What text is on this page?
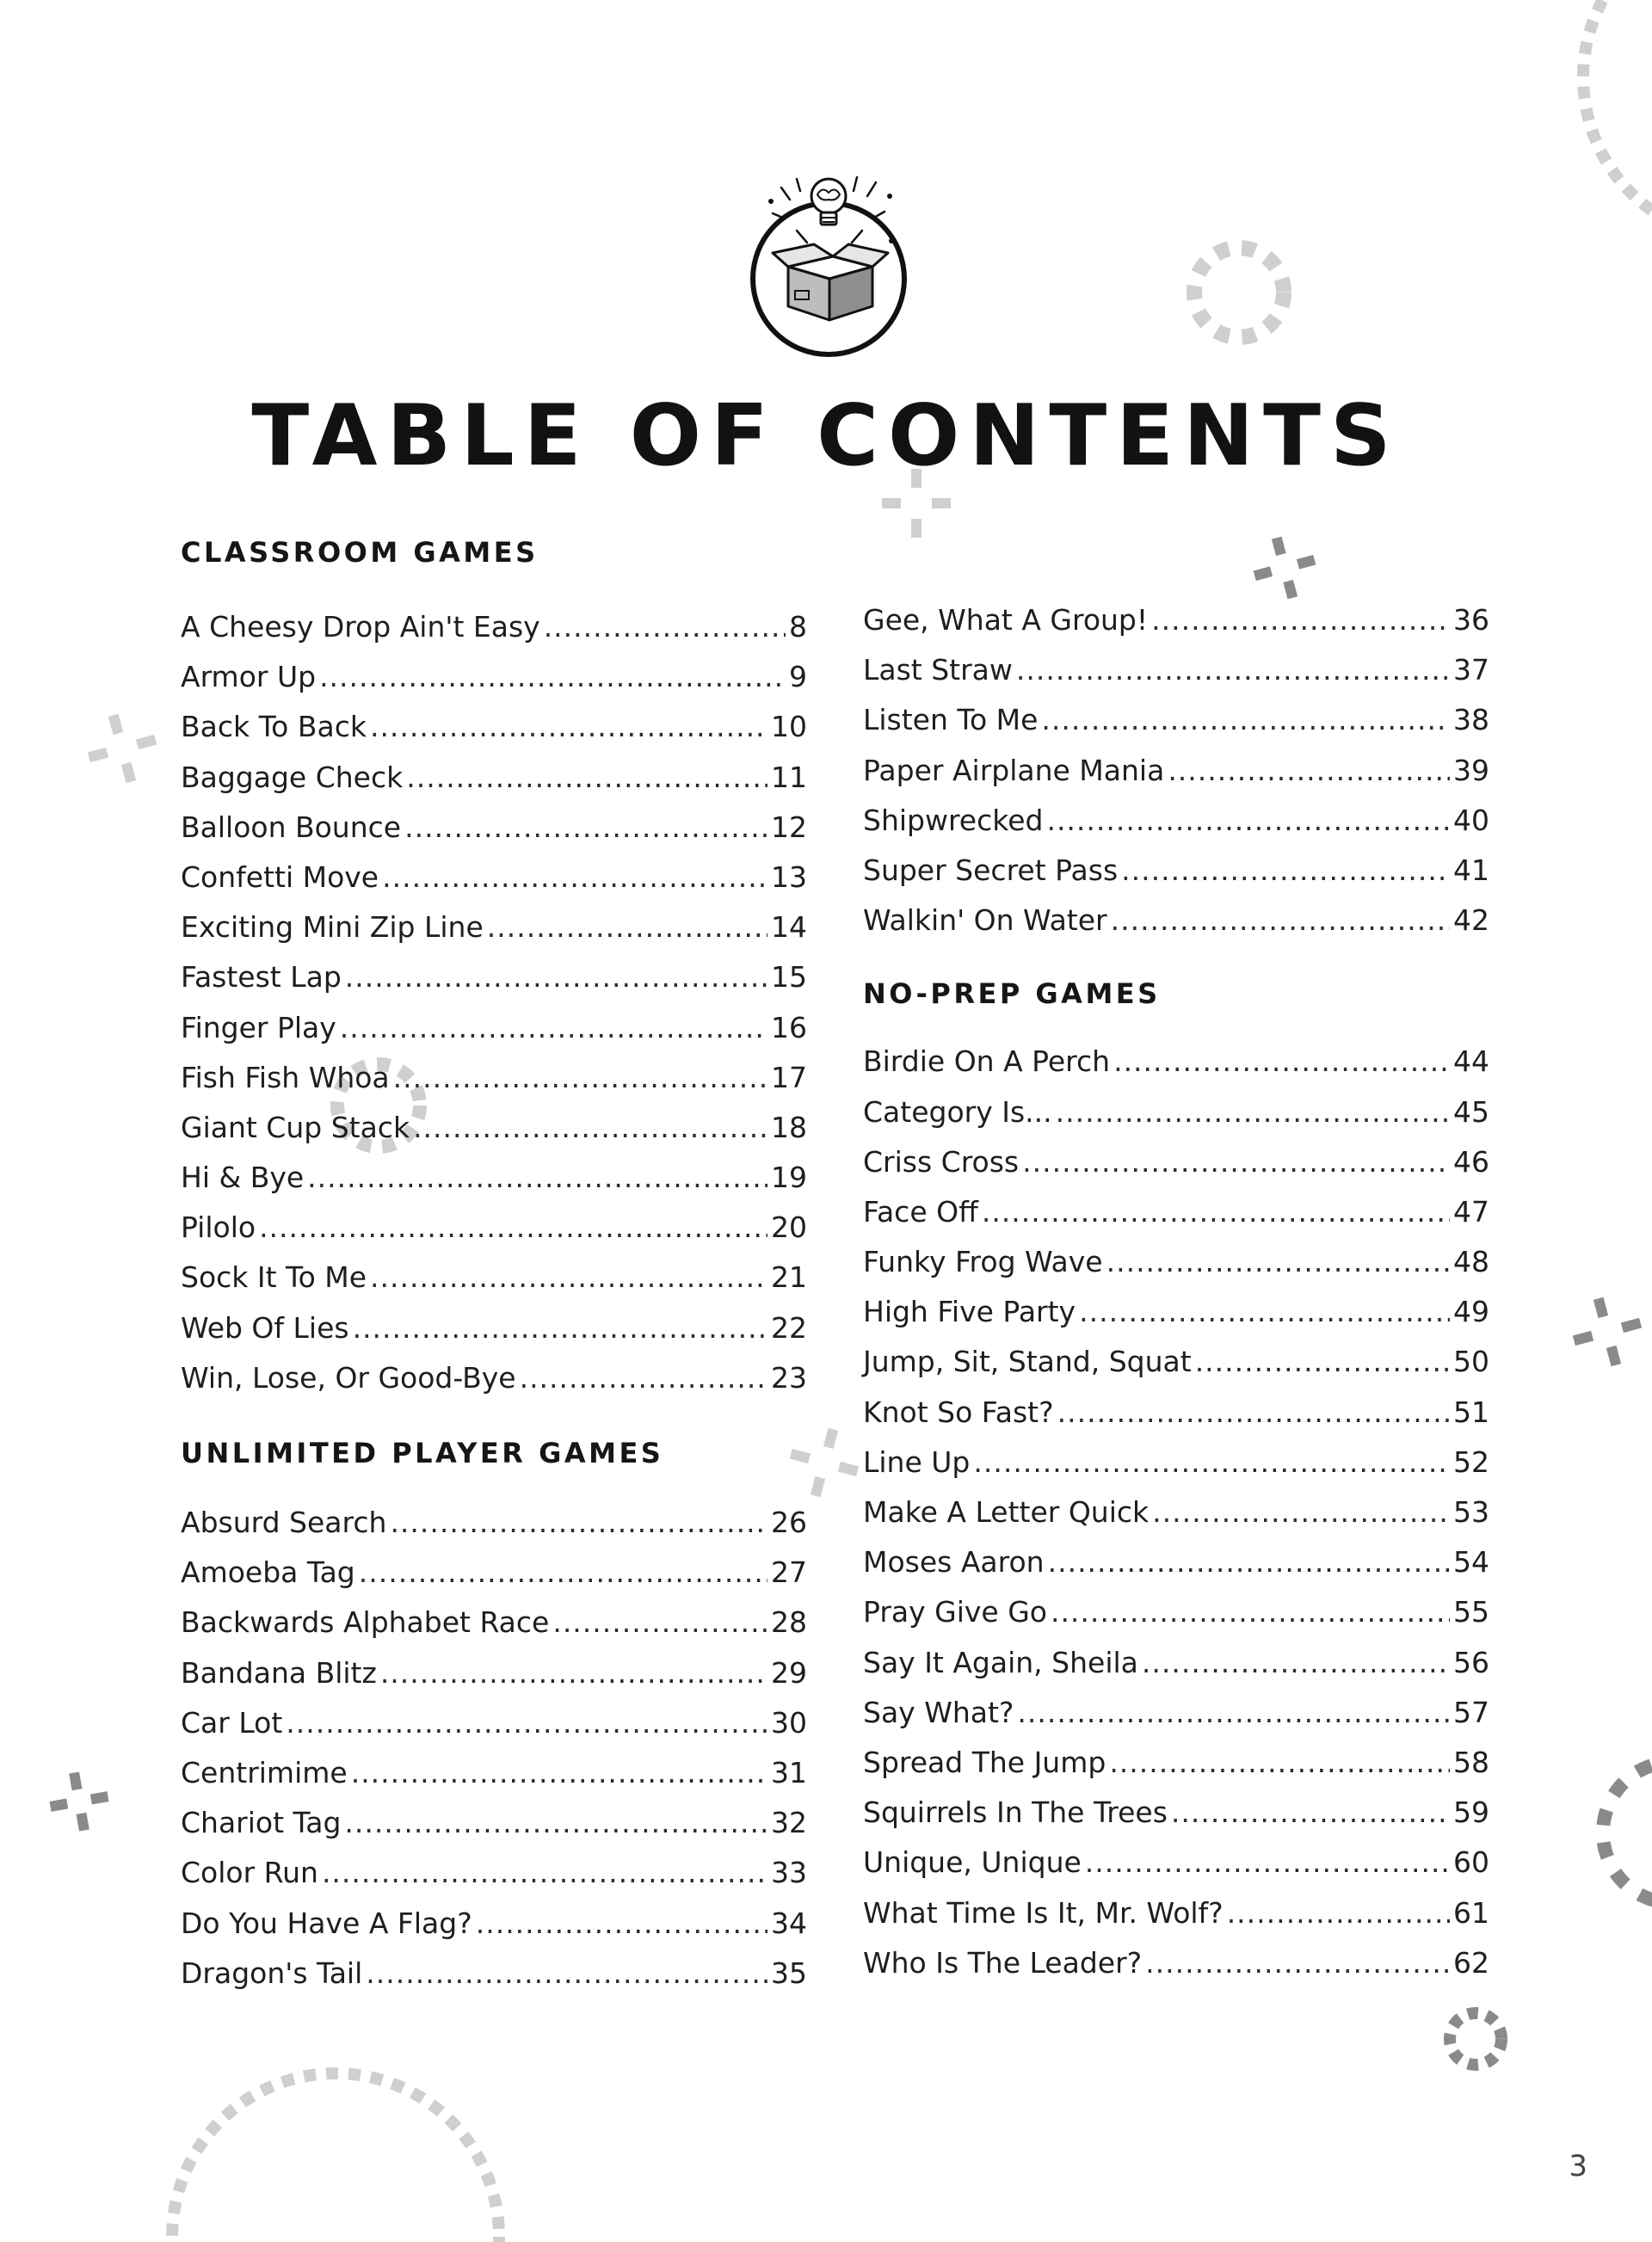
TABLE OF CONTENTS
CLASSROOM GAMES
A Cheesy Drop Ain't Easy .....	8
Armor Up .....	9
Back To Back .....	10
Baggage Check .....	11
Balloon Bounce .....	12
Confetti Move .....	13
Exciting Mini Zip Line .....	14
Fastest Lap .....	15
Finger Play .....	16
Fish Fish Whoa .....	17
Giant Cup Stack .....	18
Hi & Bye .....	19
Pilolo .....	20
Sock It To Me .....	21
Web Of Lies .....	22
Win, Lose, Or Good-Bye .....	23
UNLIMITED PLAYER GAMES
Absurd Search .....	26
Amoeba Tag .....	27
Backwards Alphabet Race .....	28
Bandana Blitz .....	29
Car Lot .....	30
Centrimime .....	31
Chariot Tag .....	32
Color Run .....	33
Do You Have A Flag? .....	34
Dragon's Tail .....	35
Gee, What A Group! .....	36
Last Straw .....	37
Listen To Me .....	38
Paper Airplane Mania .....	39
Shipwrecked .....	40
Super Secret Pass .....	41
Walkin' On Water .....	42
NO-PREP GAMES
Birdie On A Perch .....	44
Category Is... .....	45
Criss Cross .....	46
Face Off .....	47
Funky Frog Wave .....	48
High Five Party .....	49
Jump, Sit, Stand, Squat .....	50
Knot So Fast? .....	51
Line Up .....	52
Make A Letter Quick .....	53
Moses Aaron .....	54
Pray Give Go .....	55
Say It Again, Sheila .....	56
Say What? .....	57
Spread The Jump .....	58
Squirrels In The Trees .....	59
Unique, Unique .....	60
What Time Is It, Mr. Wolf? .....	61
Who Is The Leader? .....	62
3
